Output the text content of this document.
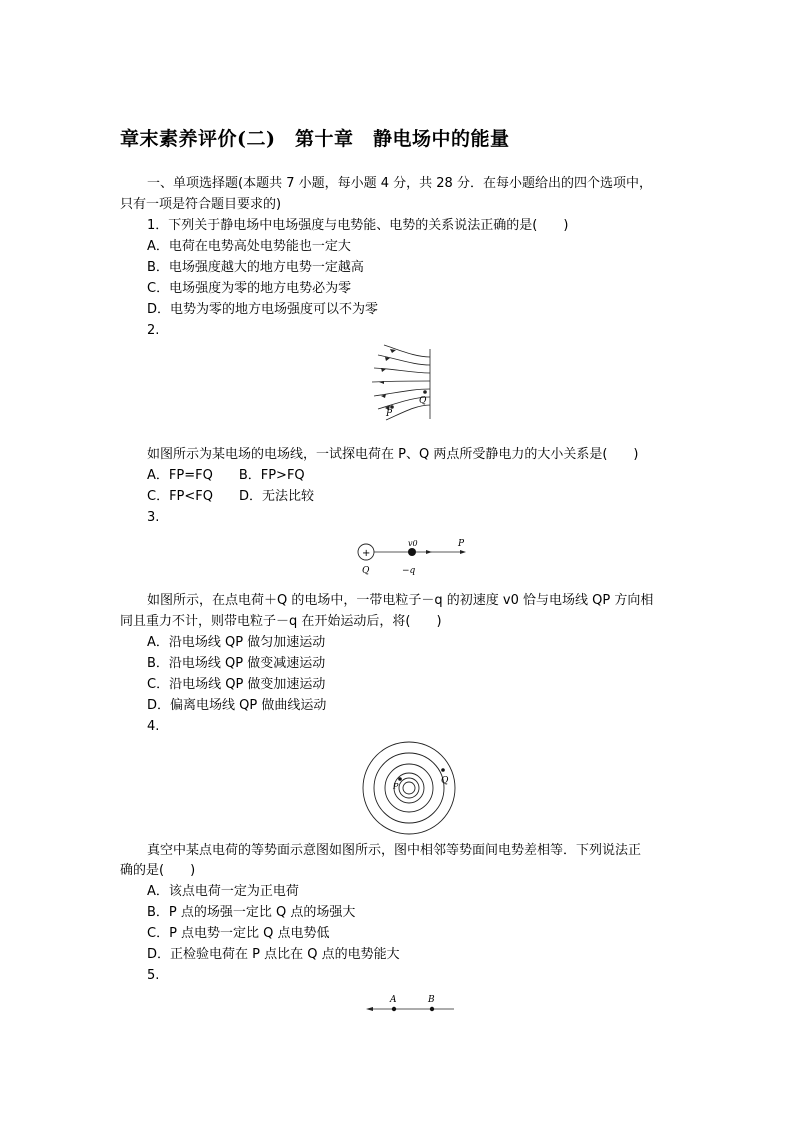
章末素养评价(二)　第十章　静电场中的能量
一、单项选择题(本题共 7 小题，每小题 4 分，共 28 分．在每小题给出的四个选项中，
只有一项是符合题目要求的)
1．下列关于静电场中电场强度与电势能、电势的关系说法正确的是(　　)
A．电荷在电势高处电势能也一定大
B．电场强度越大的地方电势一定越高
C．电场强度为零的地方电势必为零
D．电势为零的地方电场强度可以不为零
2.
Q
P
如图所示为某电场的电场线，一试探电荷在 P、Q 两点所受静电力的大小关系是(　　)
A．FP=FQ　　B．FP>FQ
C．FP<FQ　　D．无法比较
3.
+
v0	P
Q	−q
如图所示，在点电荷＋Q 的电场中，一带电粒子－q 的初速度 v0 恰与电场线 QP 方向相
同且重力不计，则带电粒子－q 在开始运动后，将(　　)
A．沿电场线 QP 做匀加速运动
B．沿电场线 QP 做变减速运动
C．沿电场线 QP 做变加速运动
D．偏离电场线 QP 做曲线运动
4.
P
Q
真空中某点电荷的等势面示意图如图所示，图中相邻等势面间电势差相等．下列说法正
确的是(　　)
A．该点电荷一定为正电荷
B．P 点的场强一定比 Q 点的场强大
C．P 点电势一定比 Q 点电势低
D．正检验电荷在 P 点比在 Q 点的电势能大
5.
A	B
